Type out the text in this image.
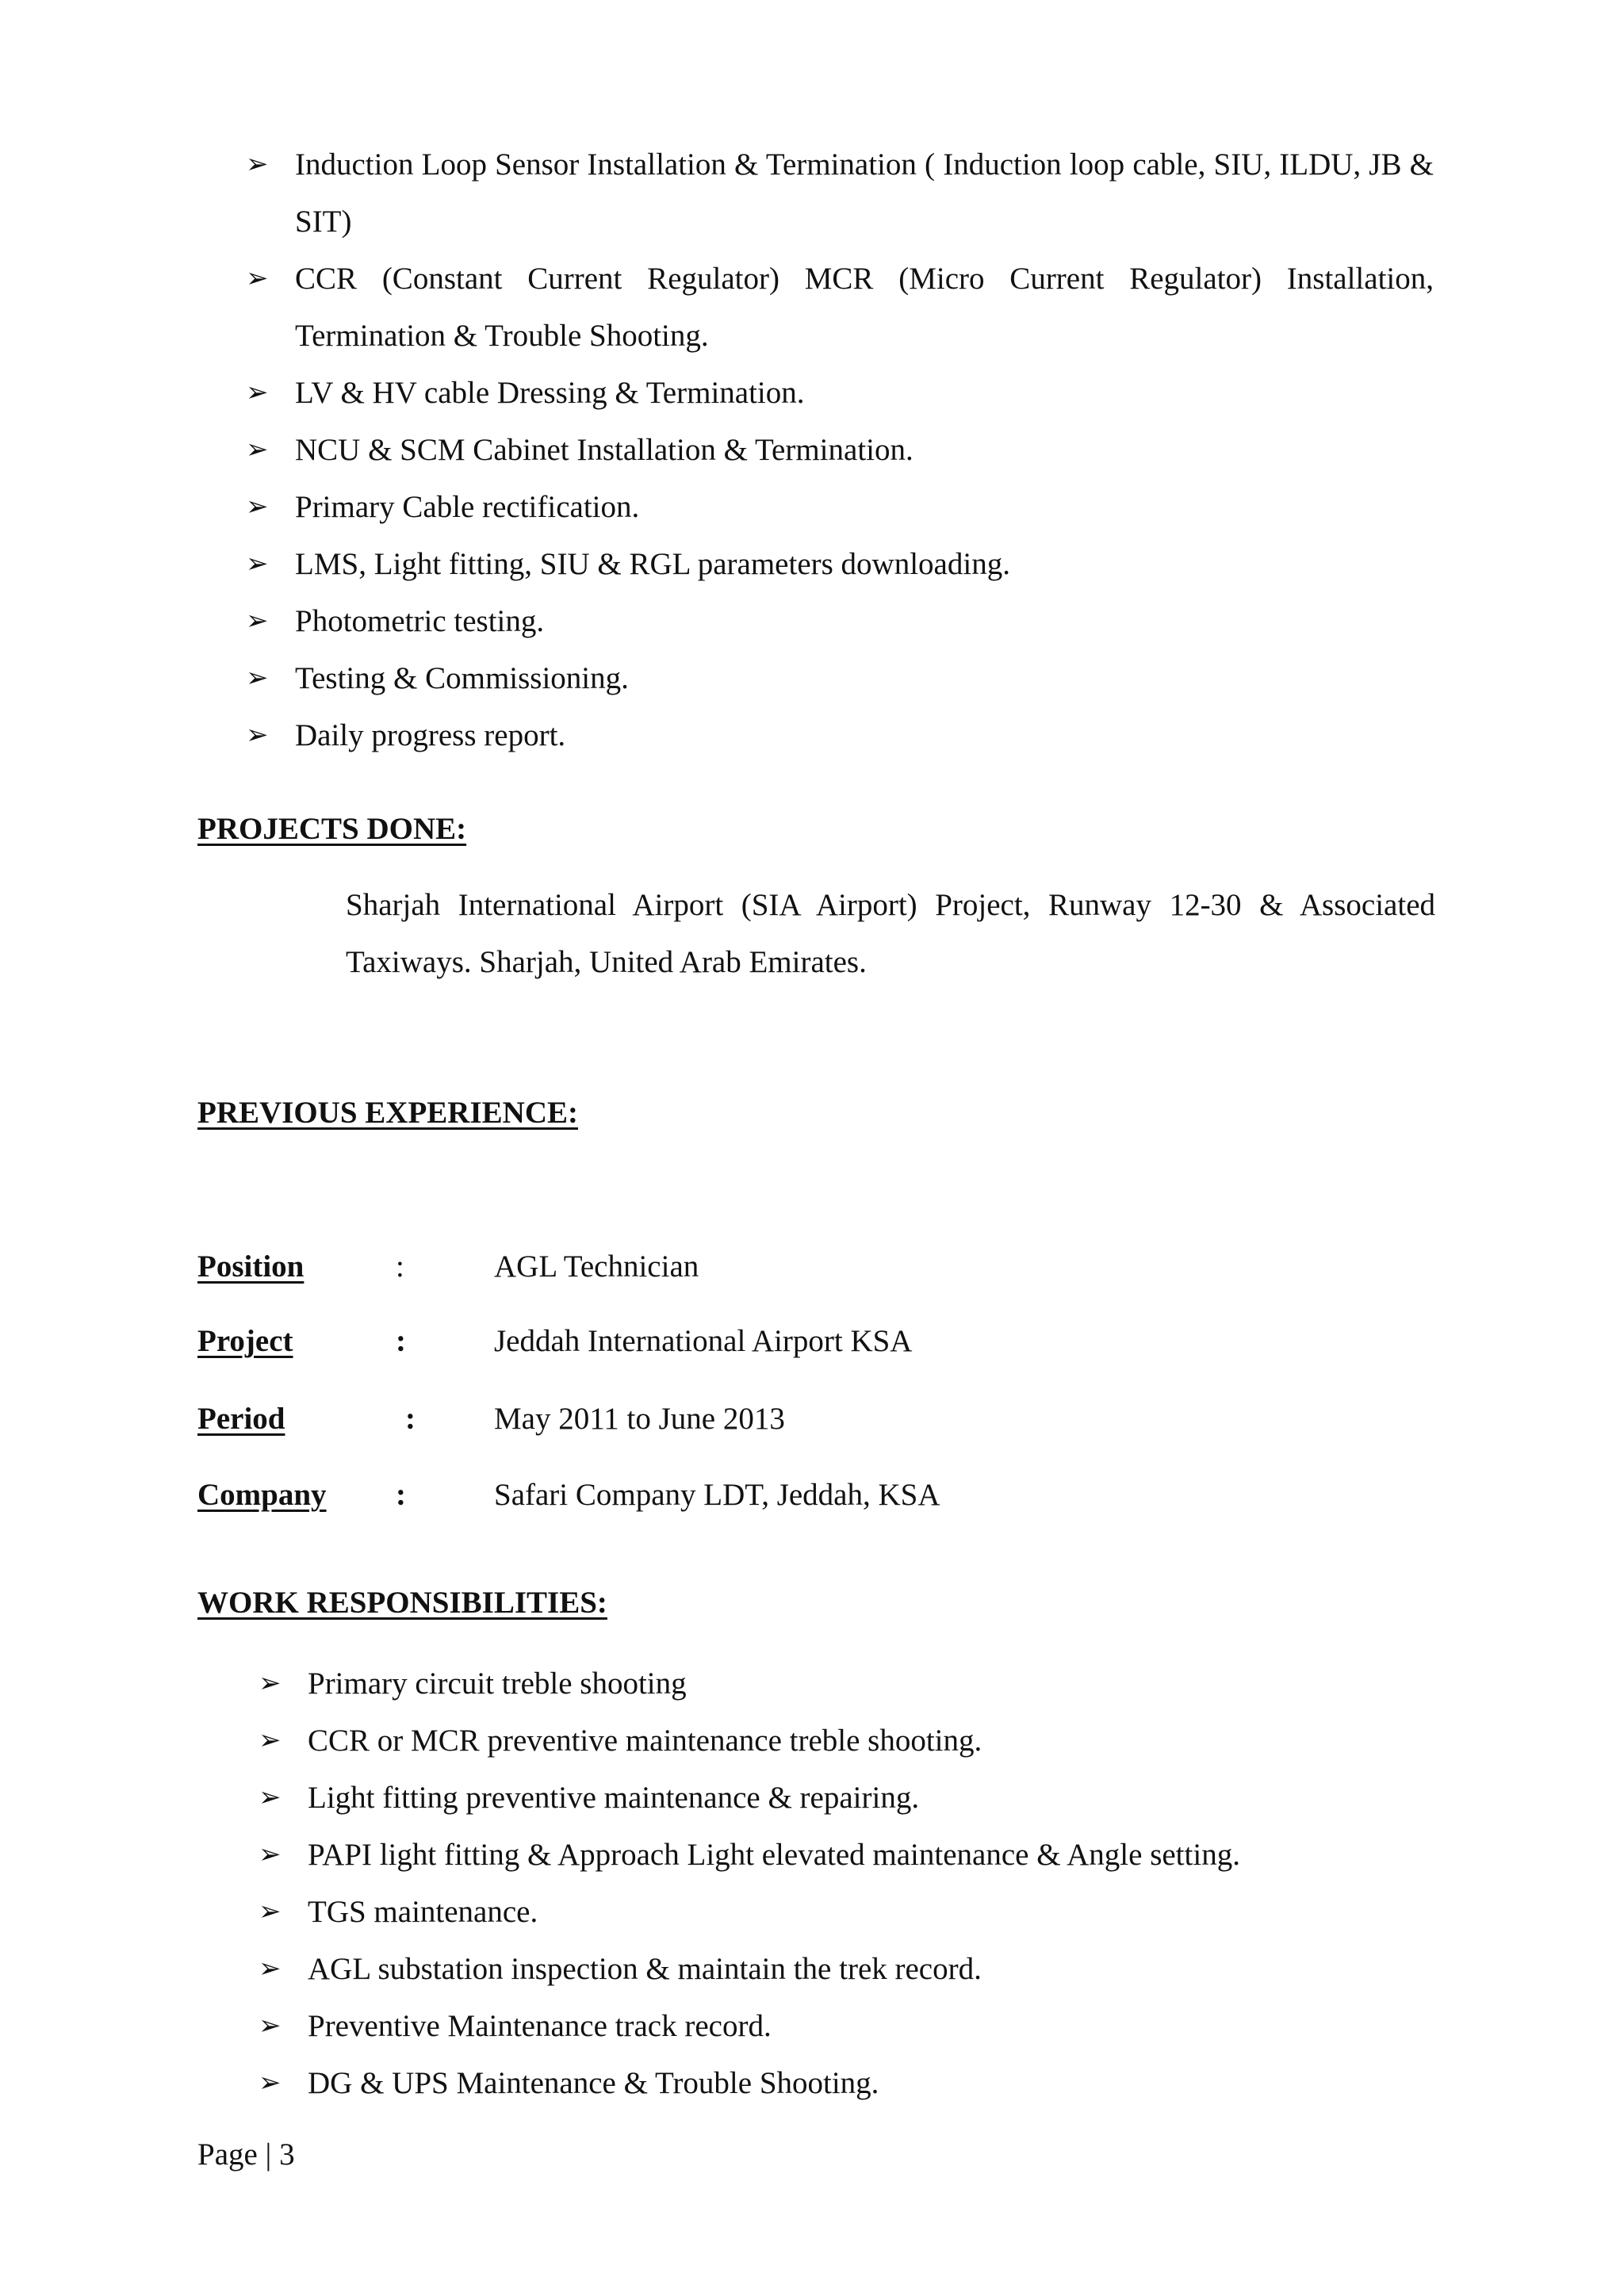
➢ Induction Loop Sensor Installation & Termination ( Induction loop cable, SIU, ILDU, JB & SIT)
➢ CCR (Constant Current Regulator) MCR (Micro Current Regulator) Installation, Termination & Trouble Shooting.
➢ LV & HV cable Dressing & Termination.
➢ NCU & SCM Cabinet Installation & Termination.
➢ Primary Cable rectification.
➢ LMS, Light fitting, SIU & RGL parameters downloading.
➢ Photometric testing.
➢ Testing & Commissioning.
➢ Daily progress report.
PROJECTS DONE:
Sharjah International Airport (SIA Airport) Project, Runway 12-30 & Associated Taxiways. Sharjah, United Arab Emirates.
PREVIOUS EXPERIENCE:
Position	:	AGL Technician
Project	:	Jeddah International Airport KSA
Period	:	May 2011 to June 2013
Company :	Safari Company LDT, Jeddah, KSA
WORK RESPONSIBILITIES:
➢ Primary circuit treble shooting
➢ CCR or MCR preventive maintenance treble shooting.
➢ Light fitting preventive maintenance & repairing.
➢ PAPI light fitting & Approach Light elevated maintenance & Angle setting.
➢ TGS maintenance.
➢ AGL substation inspection & maintain the trek record.
➢ Preventive Maintenance track record.
➢ DG & UPS Maintenance & Trouble Shooting.
Page | 3
